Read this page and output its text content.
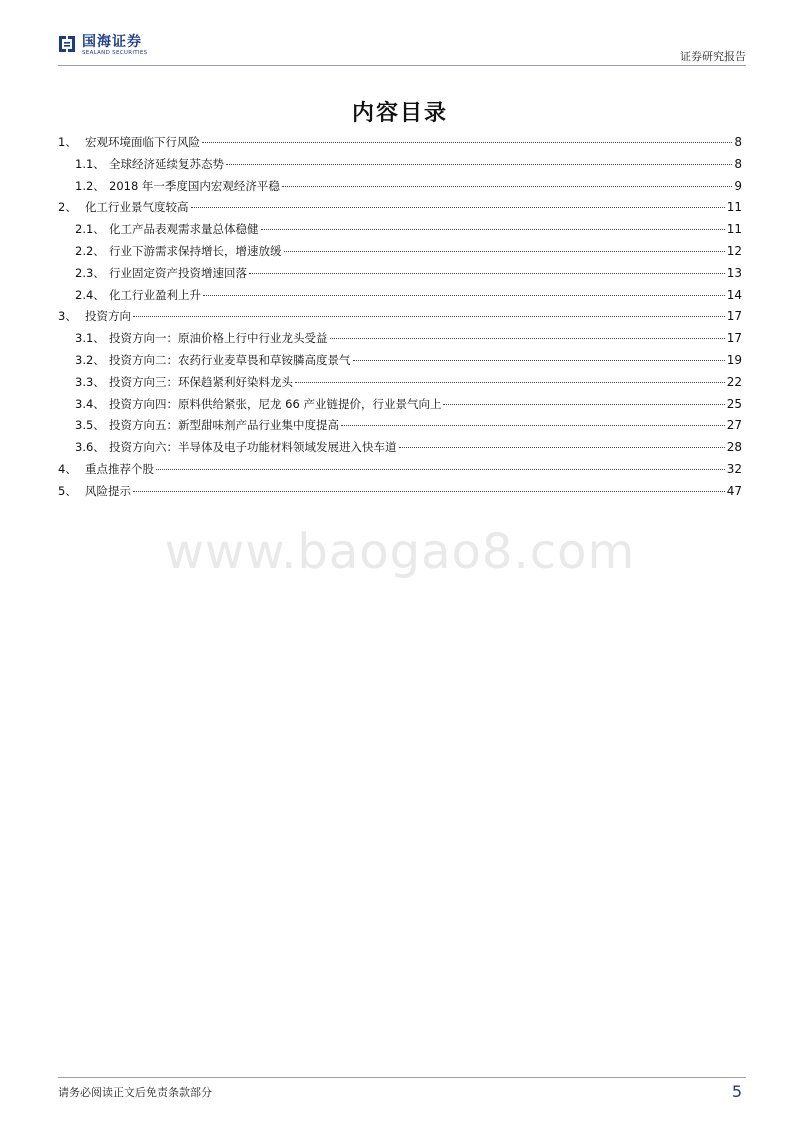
国海证券
SEALAND SECURITIES	证券研究报告
内容目录
1、 宏观环境面临下行风险	8
1.1、 全球经济延续复苏态势	8
1.2、 2018 年一季度国内宏观经济平稳	9
2、 化工行业景气度较高	11
2.1、 化工产品表观需求量总体稳健	11
2.2、 行业下游需求保持增长，增速放缓	12
2.3、 行业固定资产投资增速回落	13
2.4、 化工行业盈利上升	14
3、 投资方向	17
3.1、 投资方向一：原油价格上行中行业龙头受益	17
3.2、 投资方向二：农药行业麦草畏和草铵膦高度景气	19
3.3、 投资方向三：环保趋紧利好染料龙头	22
3.4、 投资方向四：原料供给紧张，尼龙 66 产业链提价，行业景气向上	25
3.5、 投资方向五：新型甜味剂产品行业集中度提高	27
3.6、 投资方向六：半导体及电子功能材料领域发展进入快车道	28
4、 重点推荐个股	32
5、 风险提示	47
www.baogao8.com
请务必阅读正文后免责条款部分	5
